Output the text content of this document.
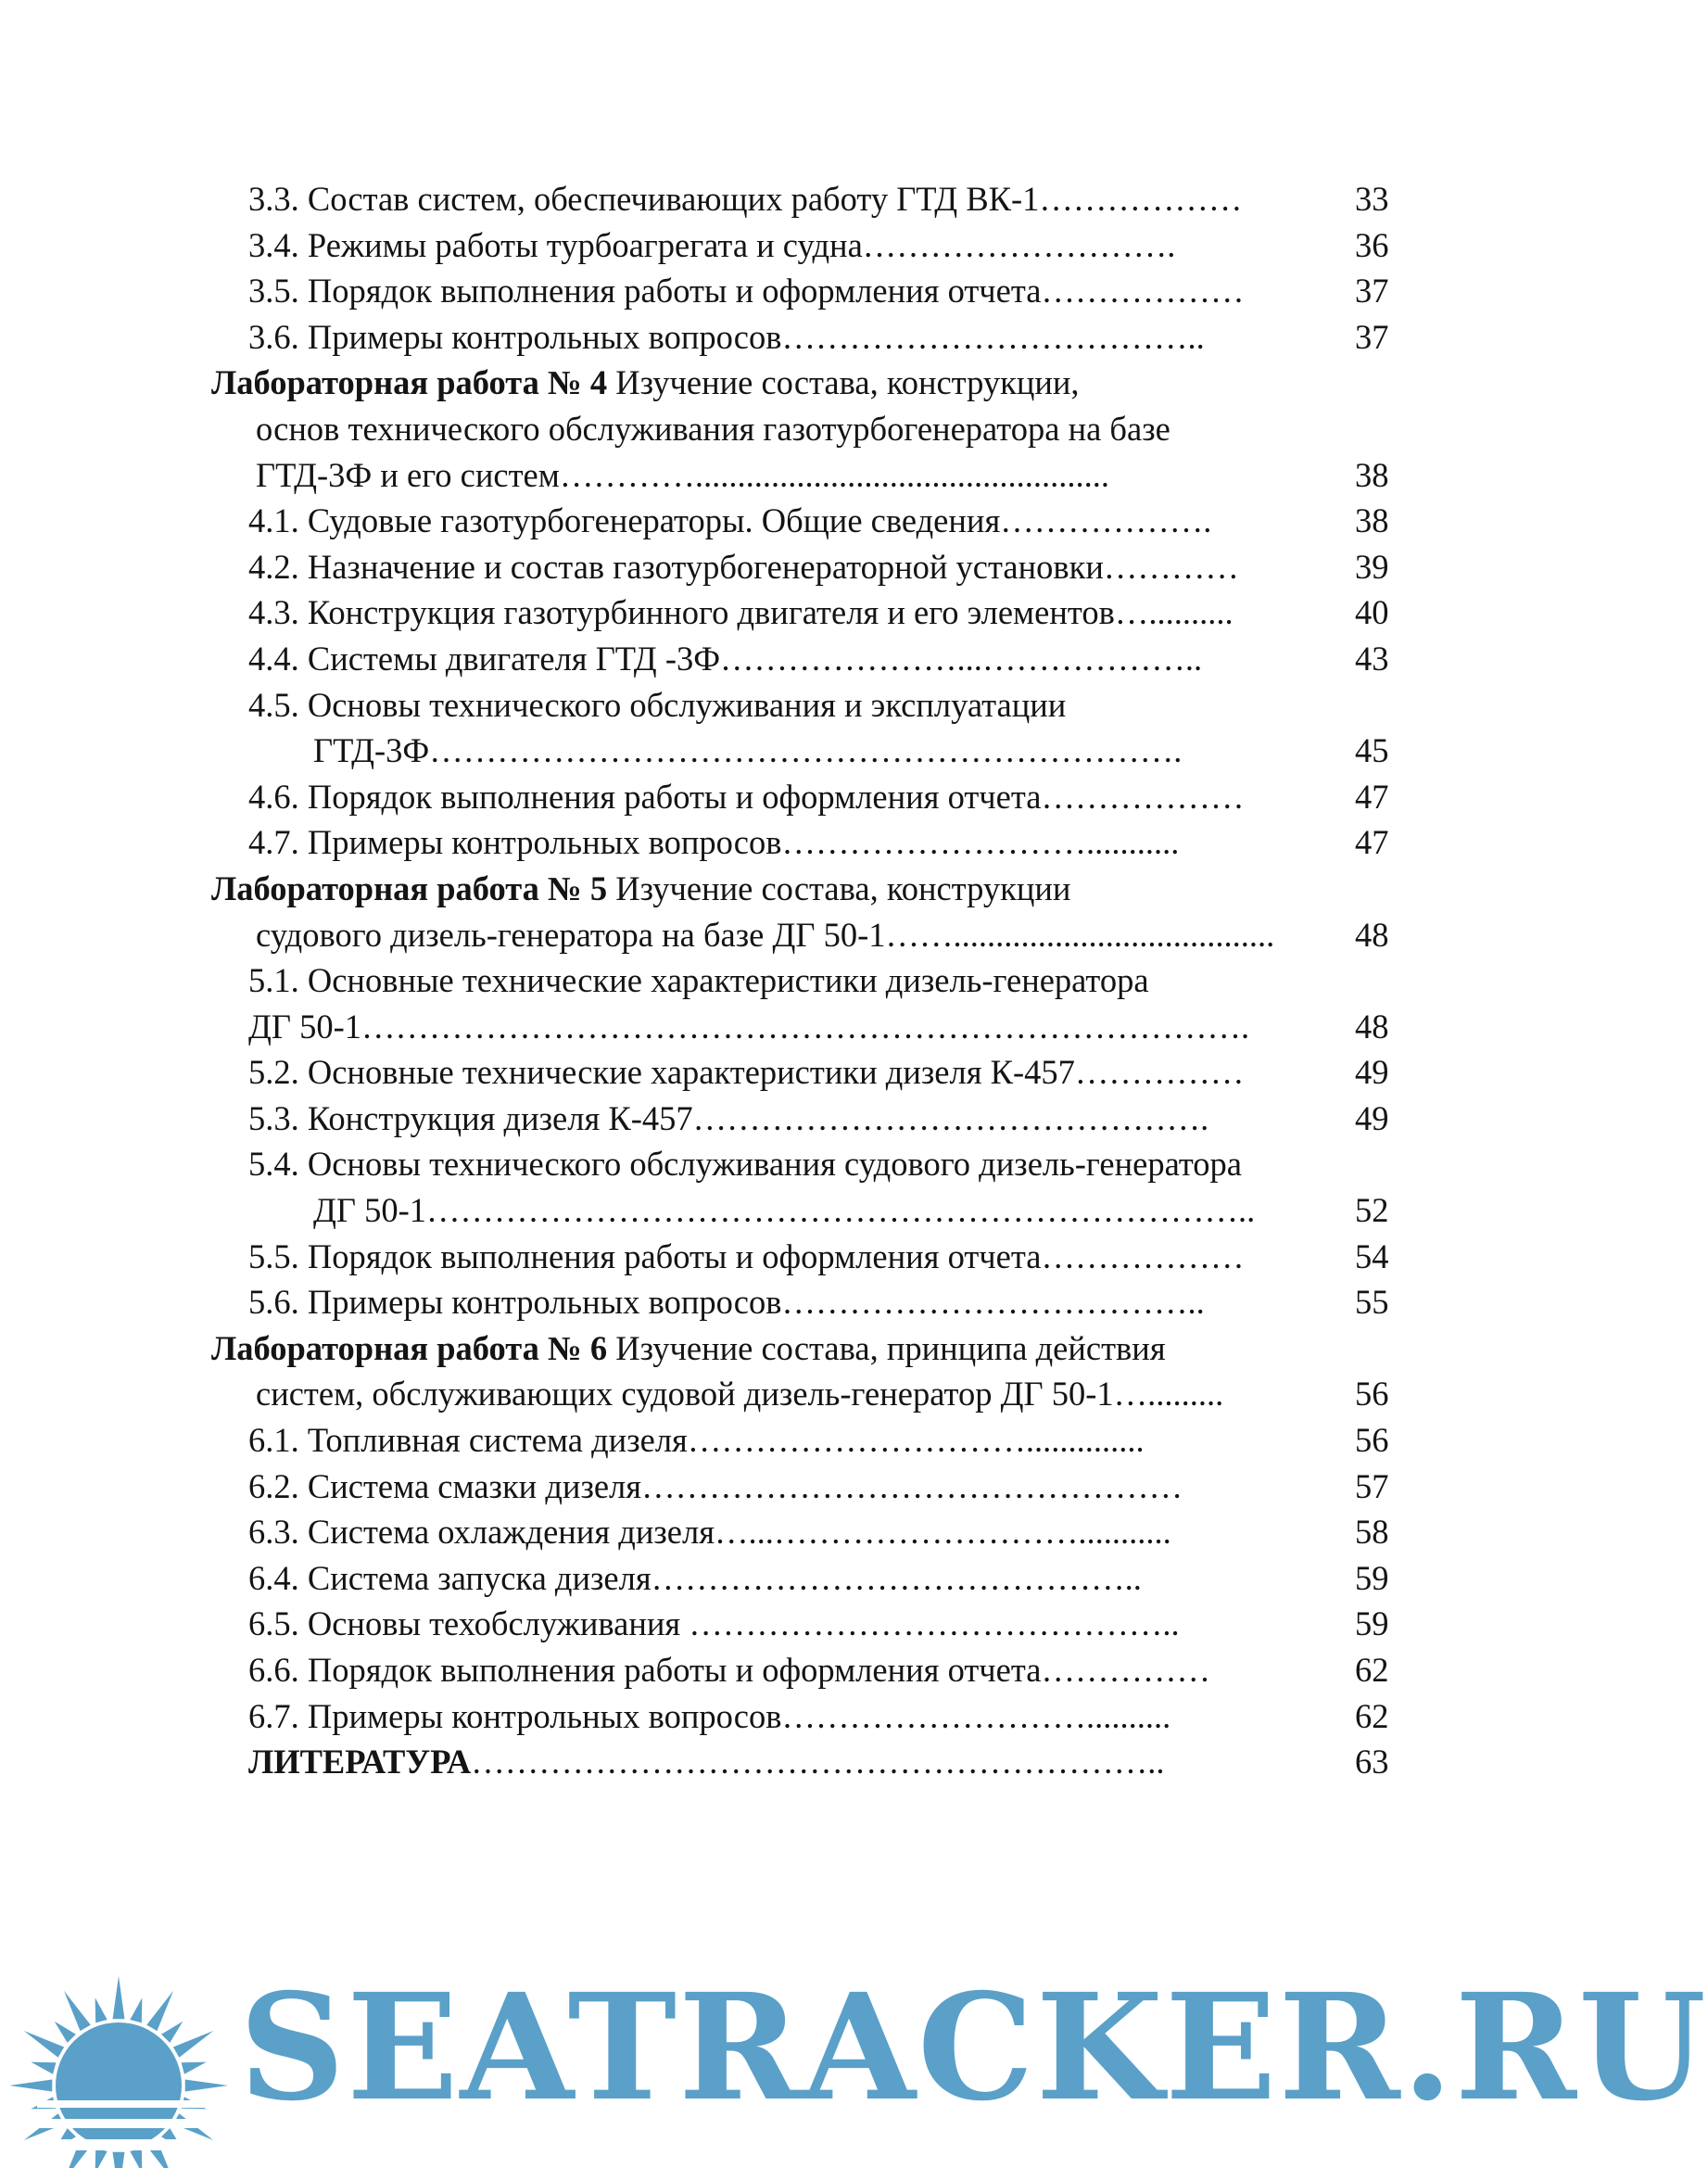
3.3. Состав систем, обеспечивающих работу ГТД ВК-1………………	33
3.4. Режимы работы турбоагрегата и судна……………………….	36
3.5. Порядок выполнения работы и оформления отчета………………	37
3.6. Примеры контрольных вопросов………………………………..	37
Лабораторная работа № 4 Изучение состава, конструкции,
основ технического обслуживания газотурбогенератора на базе
ГТД-3Ф и его систем………….................................................	38
4.1. Судовые газотурбогенераторы. Общие сведения……………….	38
4.2. Назначение и состав газотурбогенераторной установки…………	39
4.3. Конструкция газотурбинного двигателя и его элементов…..........	40
4.4. Системы двигателя ГТД -3Ф…………………...………………..	43
4.5. Основы технического обслуживания и эксплуатации
ГТД-3Ф………………………………………………………….	45
4.6. Порядок выполнения работы и оформления отчета………………	47
4.7. Примеры контрольных вопросов………………………...........	47
Лабораторная работа № 5 Изучение состава, конструкции
судового дизель-генератора на базе ДГ 50-1……...................................... 48
5.1. Основные технические характеристики дизель-генератора
ДГ 50-1…………………………………………………………………….	48
5.2. Основные технические характеристики дизеля К-457……………	49
5.3. Конструкция дизеля К-457……………………………………….	49
5.4. Основы технического обслуживания судового дизель-генератора
ДГ 50-1………………………………………………………………..	52
5.5. Порядок выполнения работы и оформления отчета………………	54
5.6. Примеры контрольных вопросов………………………………..	55
Лабораторная работа № 6 Изучение состава, принципа действия
систем, обслуживающих судовой дизель-генератор ДГ 50-1….........	56
6.1. Топливная система дизеля…………………………..............	56
6.2. Система смазки дизеля…………………………………………	57
6.3. Система охлаждения дизеля…...………………………...........	58
6.4. Система запуска дизеля……………………………………..	59
6.5. Основы техобслуживания ……………………………………..	59
6.6. Порядок выполнения работы и оформления отчета……………	62
6.7. Примеры контрольных вопросов………………………..........	62
ЛИТЕРАТУРА……………………………………………………..	63
SEATRACKER.RU
